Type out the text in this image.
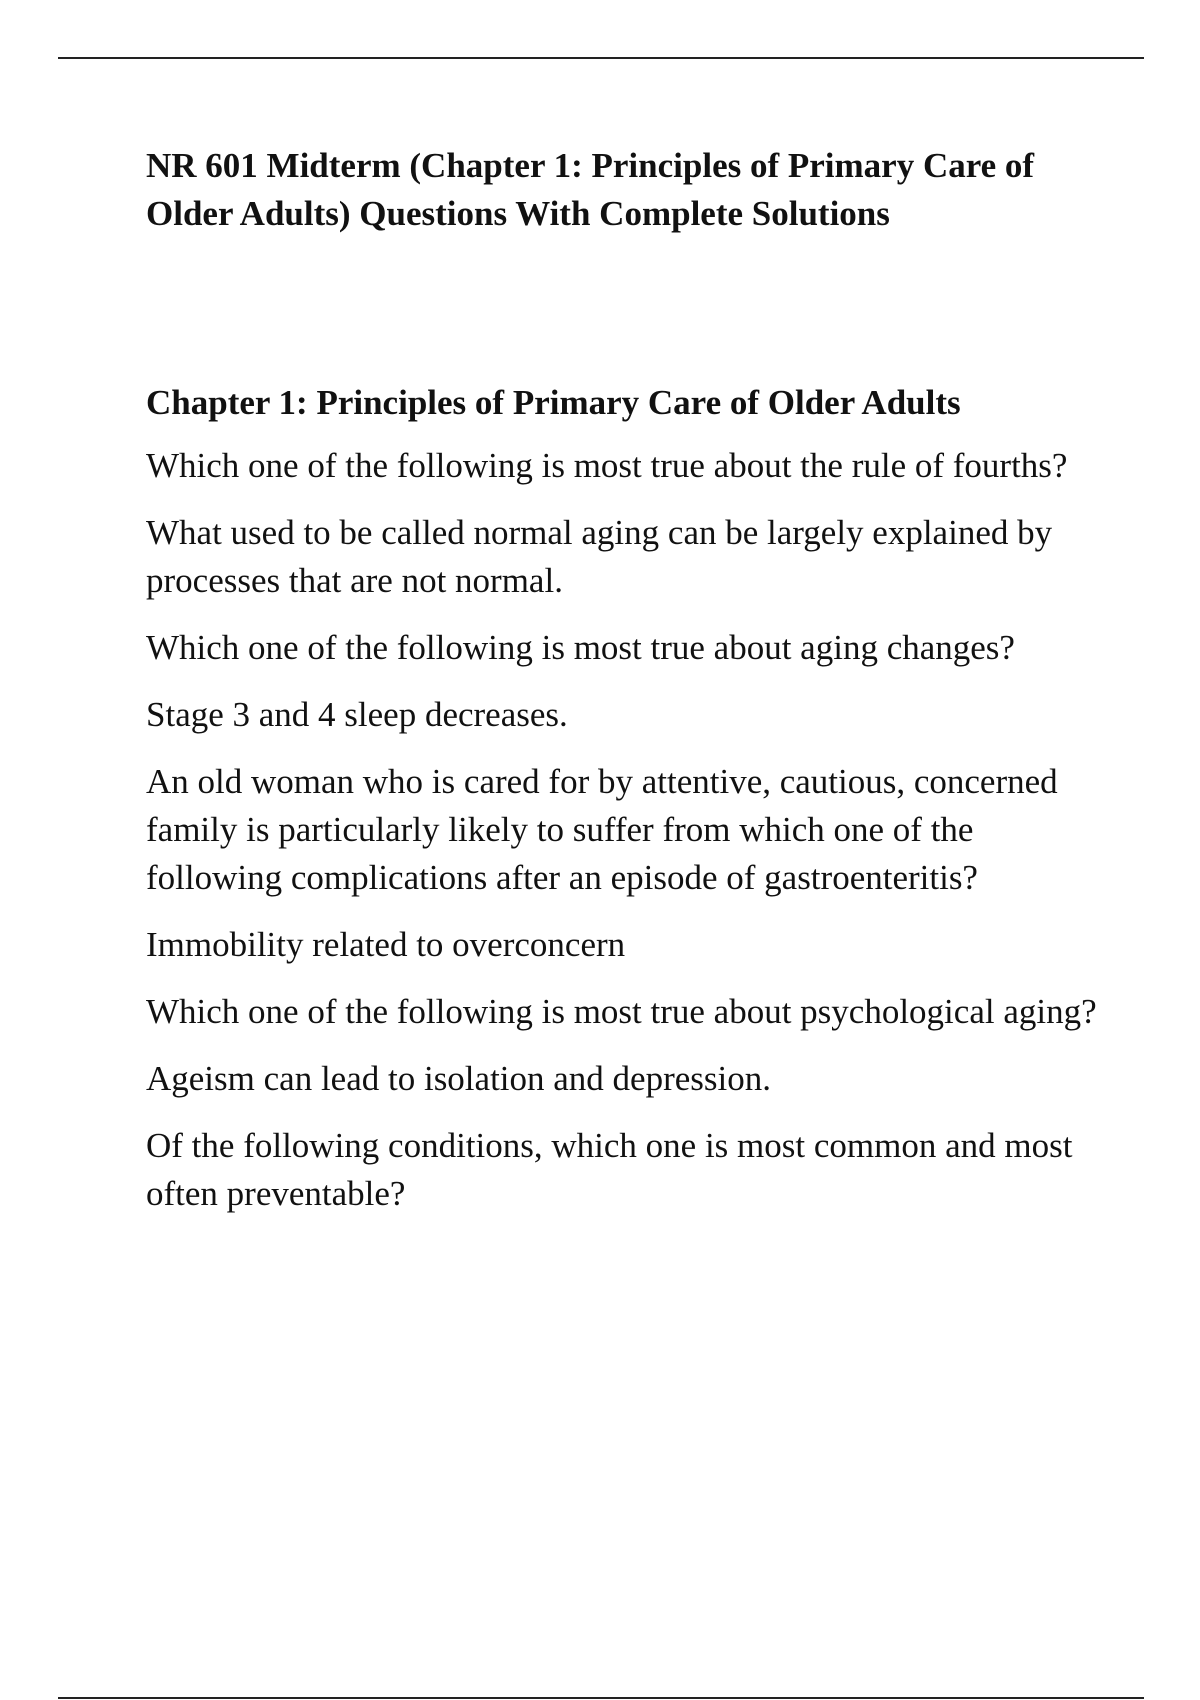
NR 601 Midterm (Chapter 1: Principles of Primary Care of Older Adults) Questions With Complete Solutions
Chapter 1: Principles of Primary Care of Older Adults
Which one of the following is most true about the rule of fourths?
What used to be called normal aging can be largely explained by processes that are not normal.
Which one of the following is most true about aging changes?
Stage 3 and 4 sleep decreases.
An old woman who is cared for by attentive, cautious, concerned family is particularly likely to suffer from which one of the following complications after an episode of gastroenteritis?
Immobility related to overconcern
Which one of the following is most true about psychological aging?
Ageism can lead to isolation and depression.
Of the following conditions, which one is most common and most often preventable?
